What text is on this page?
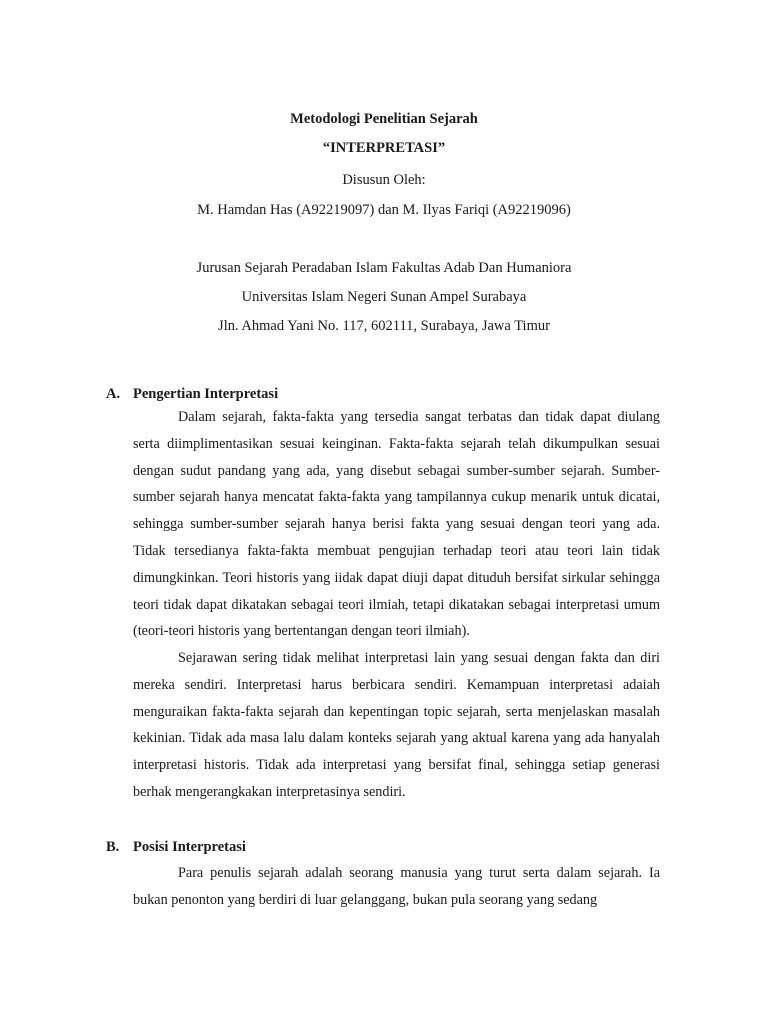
Metodologi Penelitian Sejarah
“INTERPRETASI”
Disusun Oleh:
M. Hamdan Has (A92219097) dan M. Ilyas Fariqi (A92219096)
Jurusan Sejarah Peradaban Islam Fakultas Adab Dan Humaniora
Universitas Islam Negeri Sunan Ampel Surabaya
Jln. Ahmad Yani No. 117, 602111, Surabaya, Jawa Timur
A. Pengertian Interpretasi

Dalam sejarah, fakta-fakta yang tersedia sangat terbatas dan tidak dapat diulang serta diimplimentasikan sesuai keinginan. Fakta-fakta sejarah telah dikumpulkan sesuai dengan sudut pandang yang ada, yang disebut sebagai sumber-sumber sejarah. Sumber-sumber sejarah hanya mencatat fakta-fakta yang tampilannya cukup menarik untuk dicatai, sehingga sumber-sumber sejarah hanya berisi fakta yang sesuai dengan teori yang ada. Tidak tersedianya fakta-fakta membuat pengujian terhadap teori atau teori lain tidak dimungkinkan. Teori historis yang iidak dapat diuji dapat dituduh bersifat sirkular sehingga teori tidak dapat dikatakan sebagai teori ilmiah, tetapi dikatakan sebagai interpretasi umum (teori-teori historis yang bertentangan dengan teori ilmiah).

Sejarawan sering tidak melihat interpretasi lain yang sesuai dengan fakta dan diri mereka sendiri. Interpretasi harus berbicara sendiri. Kemampuan interpretasi adaiah menguraikan fakta-fakta sejarah dan kepentingan topic sejarah, serta menjelaskan masalah kekinian. Tidak ada masa lalu dalam konteks sejarah yang aktual karena yang ada hanyalah interpretasi historis. Tidak ada interpretasi yang bersifat final, sehingga setiap generasi berhak mengerangkakan interpretasinya sendiri.

B. Posisi Interpretasi

Para penulis sejarah adalah seorang manusia yang turut serta dalam sejarah. Ia bukan penonton yang berdiri di luar gelanggang, bukan pula seorang yang sedang
